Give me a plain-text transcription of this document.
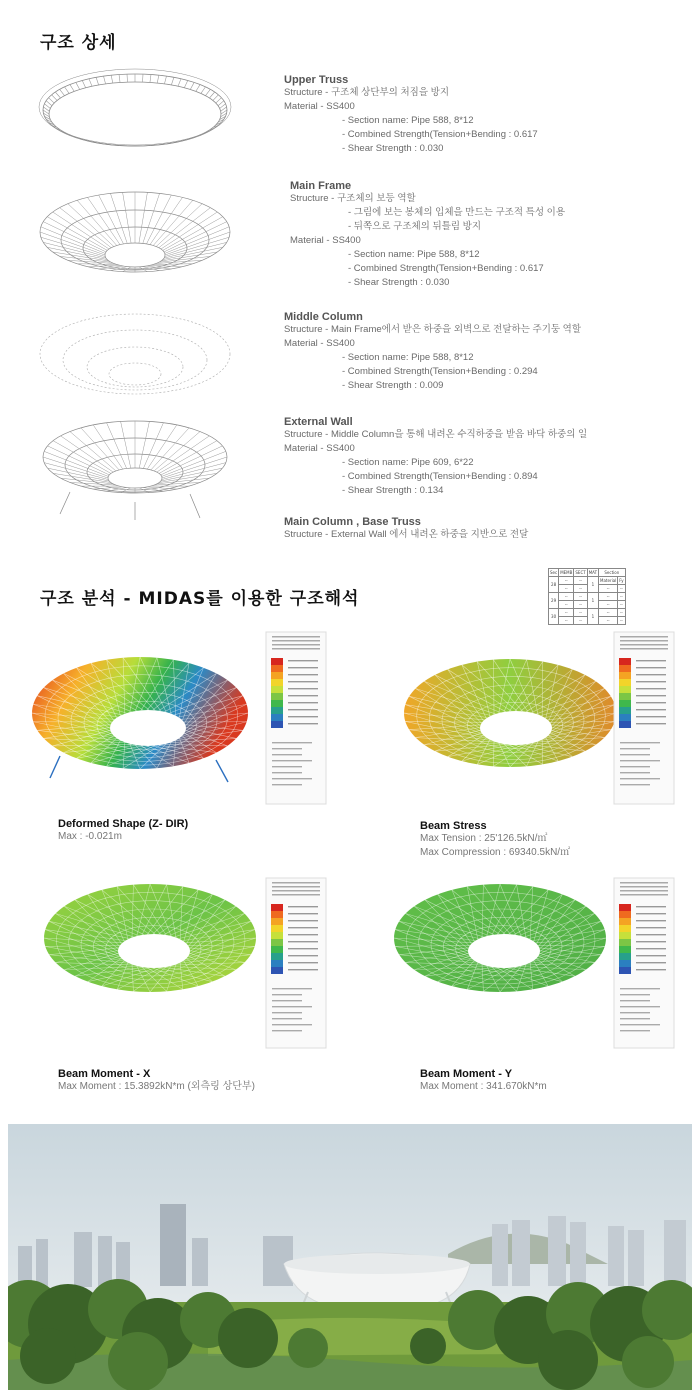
구조 상세
Upper Truss
Structure - 구조체 상단부의 처짐을 방지
Material - SS400
- Section name: Pipe 588, 8*12
- Combined Strength(Tension+Bending : 0.617
- Shear Strength : 0.030
Main Frame
Structure - 구조체의 보등 역할
- 그림에 보는 봉체의 입체을 만드는 구조적 특성 이용
- 뒤쪽으로 구조체의 뒤틀림 방지
Material - SS400
- Section name: Pipe 588, 8*12
- Combined Strength(Tension+Bending : 0.617
- Shear Strength : 0.030
Middle Column
Structure - Main Frame에서 받은 하중을 외벽으로 전달하는 주기둥 역할
Material - SS400
- Section name: Pipe 588, 8*12
- Combined Strength(Tension+Bending : 0.294
- Shear Strength : 0.009
External Wall
Structure - Middle Column을 통해 내려온 수직하중을 받음 바닥 하중의 일
Material - SS400
- Section name: Pipe 609, 6*22
- Combined Strength(Tension+Bending : 0.894
- Shear Strength : 0.134
Main Column , Base Truss
Structure - External Wall 에서 내려온 하중을 지반으로 전달
구조 분석 - MIDAS를 이용한 구조해석
Sec	MEMB	SECT	MAT	Section	
28	--	--	1	Material	Fy
	--	--		--	--
29	--	--	1	--	--
	--	--		--	--
30	--	--	1	--	--
	--	--		--	--
Deformed Shape (Z- DIR)
Max : -0.021m
Beam Stress
Max Tension : 25'126.5kN/㎡
Max Compression : 69340.5kN/㎡
Beam Moment - X
Max Moment : 15.3892kN*m (외측링 상단부)
Beam Moment - Y
Max Moment : 341.670kN*m
